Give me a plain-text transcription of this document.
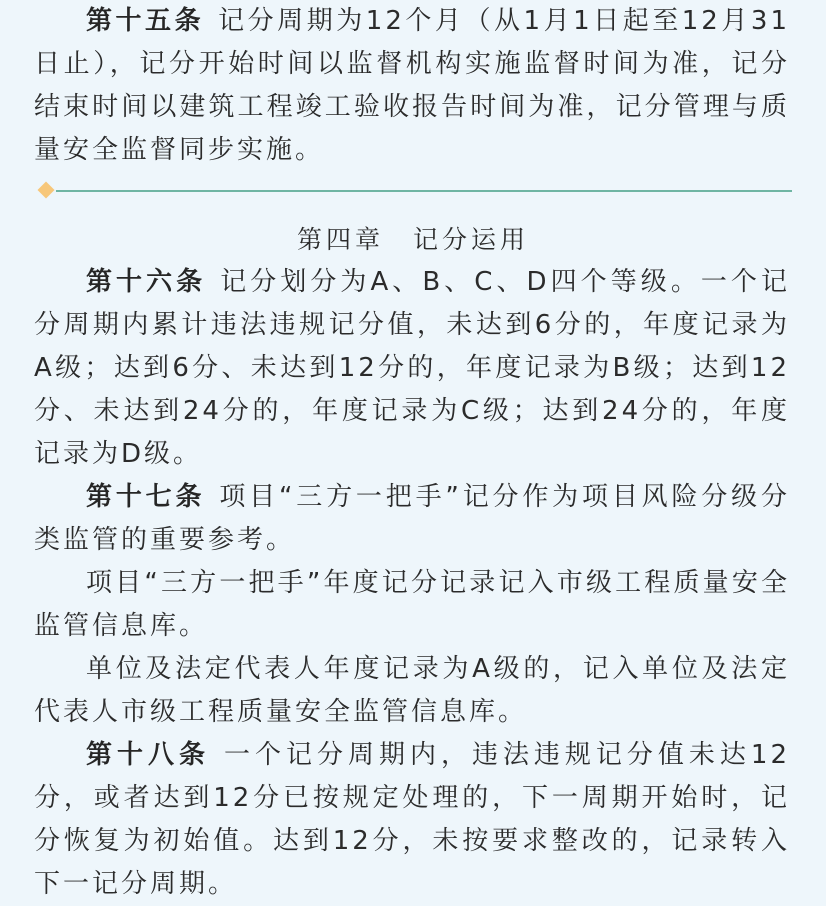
第十五条 记分周期为12个月（从1月1日起至12月31日止），记分开始时间以监督机构实施监督时间为准，记分结束时间以建筑工程竣工验收报告时间为准，记分管理与质量安全监督同步实施。

第四章　记分运用

第十六条 记分划分为A、B、C、D四个等级。一个记分周期内累计违法违规记分值，未达到6分的，年度记录为A级；达到6分、未达到12分的，年度记录为B级；达到12分、未达到24分的，年度记录为C级；达到24分的，年度记录为D级。

第十七条 项目“三方一把手”记分作为项目风险分级分类监管的重要参考。

项目“三方一把手”年度记分记录记入市级工程质量安全监管信息库。

单位及法定代表人年度记录为A级的，记入单位及法定代表人市级工程质量安全监管信息库。

第十八条 一个记分周期内，违法违规记分值未达12分，或者达到12分已按规定处理的，下一周期开始时，记分恢复为初始值。达到12分，未按要求整改的，记录转入下一记分周期。
